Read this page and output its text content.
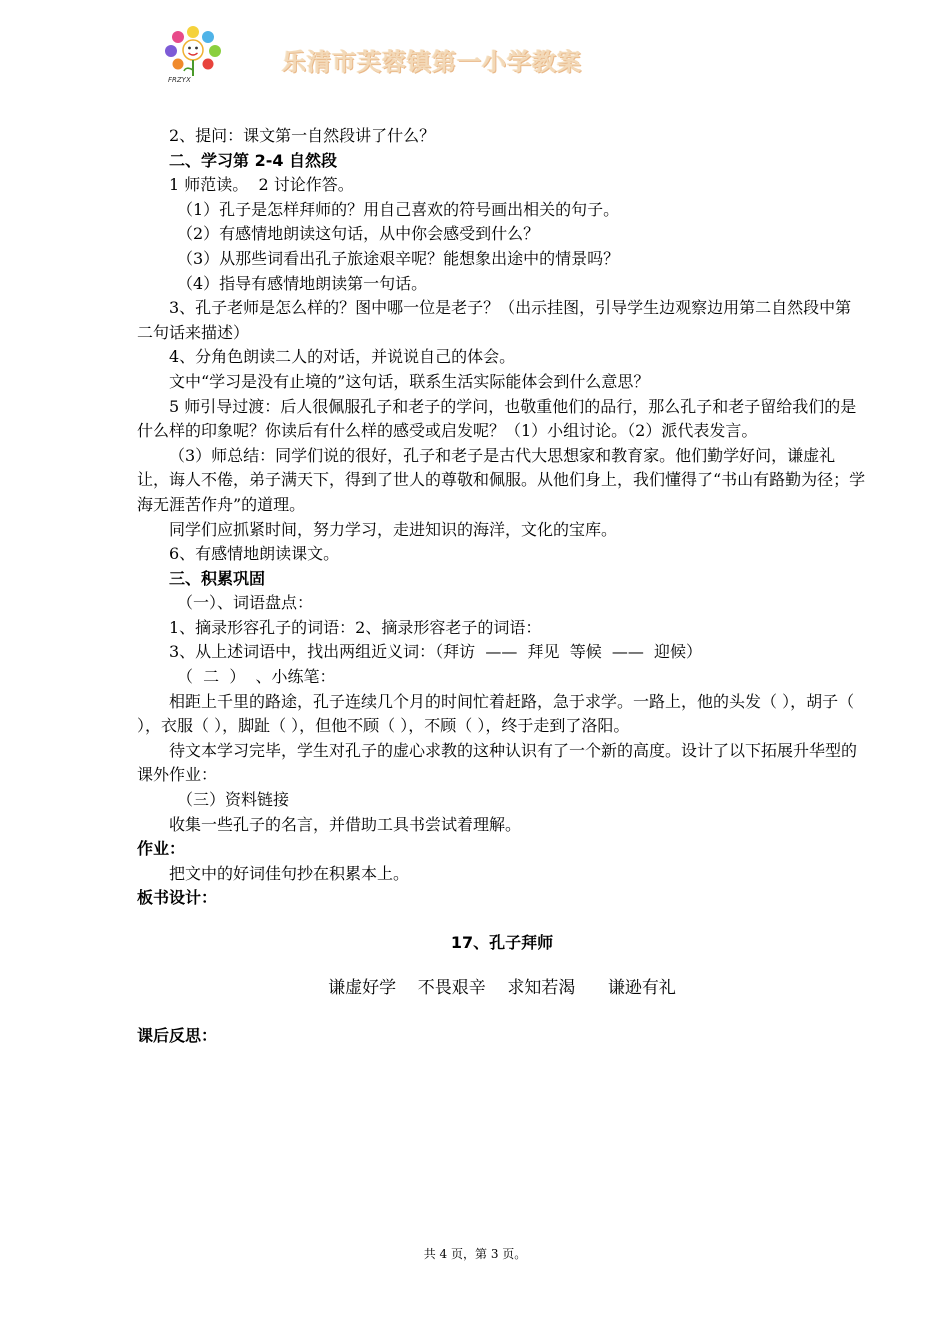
FRZYX
乐清市芙蓉镇第一小学教案

2、提问：课文第一自然段讲了什么？

二、学习第 2-4 自然段

1 师范读。  2 讨论作答。

（1）孔子是怎样拜师的？用自己喜欢的符号画出相关的句子。

（2）有感情地朗读这句话，从中你会感受到什么？

（3）从那些词看出孔子旅途艰辛呢？能想象出途中的情景吗？

（4）指导有感情地朗读第一句话。

3、孔子老师是怎么样的？图中哪一位是老子？（出示挂图，引导学生边观察边用第二自然段中第二句话来描述）

4、分角色朗读二人的对话，并说说自己的体会。

文中“学习是没有止境的”这句话，联系生活实际能体会到什么意思？

5 师引导过渡：后人很佩服孔子和老子的学问，也敬重他们的品行，那么孔子和老子留给我们的是什么样的印象呢？你读后有什么样的感受或启发呢？（1）小组讨论。（2）派代表发言。

（3）师总结：同学们说的很好，孔子和老子是古代大思想家和教育家。他们勤学好问，谦虚礼让，诲人不倦，弟子满天下，得到了世人的尊敬和佩服。从他们身上，我们懂得了“书山有路勤为径；学海无涯苦作舟”的道理。

同学们应抓紧时间，努力学习，走进知识的海洋，文化的宝库。

6、有感情地朗读课文。

三、积累巩固

（一）、词语盘点：

1、摘录形容孔子的词语：2、摘录形容老子的词语：

3、从上述词语中，找出两组近义词：（拜访  ——  拜见  等候  ——  迎候）

（  二  ）  、小练笔：

相距上千里的路途，孔子连续几个月的时间忙着赶路，急于求学。一路上，他的头发（ ），胡子（ ），衣服（ ），脚趾（ ），但他不顾（ ），不顾（ ），终于走到了洛阳。

待文本学习完毕，学生对孔子的虚心求教的这种认识有了一个新的高度。设计了以下拓展升华型的课外作业：

（三）资料链接

收集一些孔子的名言，并借助工具书尝试着理解。

作业：

把文中的好词佳句抄在积累本上。

板书设计：

17、孔子拜师

谦虚好学    不畏艰辛    求知若渴      谦逊有礼

课后反思：

共 4 页，第 3 页。
